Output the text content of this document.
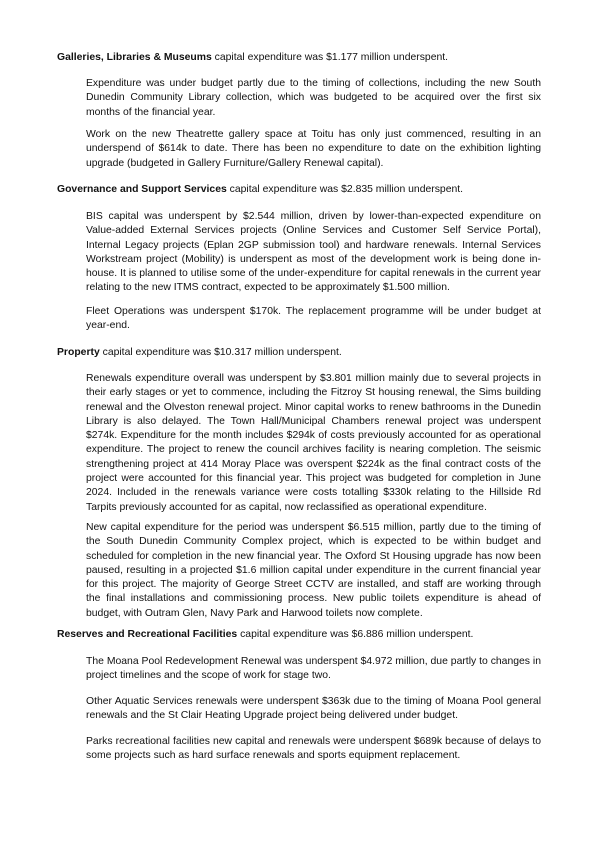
Galleries, Libraries & Museums capital expenditure was $1.177 million underspent.
Expenditure was under budget partly due to the timing of collections, including the new South Dunedin Community Library collection, which was budgeted to be acquired over the first six months of the financial year.
Work on the new Theatrette gallery space at Toitu has only just commenced, resulting in an underspend of $614k to date. There has been no expenditure to date on the exhibition lighting upgrade (budgeted in Gallery Furniture/Gallery Renewal capital).
Governance and Support Services capital expenditure was $2.835 million underspent.
BIS capital was underspent by $2.544 million, driven by lower-than-expected expenditure on Value-added External Services projects (Online Services and Customer Self Service Portal), Internal Legacy projects (Eplan 2GP submission tool) and hardware renewals. Internal Services Workstream project (Mobility) is underspent as most of the development work is being done in-house. It is planned to utilise some of the under-expenditure for capital renewals in the current year relating to the new ITMS contract, expected to be approximately $1.500 million.
Fleet Operations was underspent $170k. The replacement programme will be under budget at year-end.
Property capital expenditure was $10.317 million underspent.
Renewals expenditure overall was underspent by $3.801 million mainly due to several projects in their early stages or yet to commence, including the Fitzroy St housing renewal, the Sims building renewal and the Olveston renewal project. Minor capital works to renew bathrooms in the Dunedin Library is also delayed. The Town Hall/Municipal Chambers renewal project was underspent $274k. Expenditure for the month includes $294k of costs previously accounted for as operational expenditure. The project to renew the council archives facility is nearing completion. The seismic strengthening project at 414 Moray Place was overspent $224k as the final contract costs of the project were accounted for this financial year. This project was budgeted for completion in June 2024. Included in the renewals variance were costs totalling $330k relating to the Hillside Rd Tarpits previously accounted for as capital, now reclassified as operational expenditure.
New capital expenditure for the period was underspent $6.515 million, partly due to the timing of the South Dunedin Community Complex project, which is expected to be within budget and scheduled for completion in the new financial year. The Oxford St Housing upgrade has now been paused, resulting in a projected $1.6 million capital under expenditure in the current financial year for this project. The majority of George Street CCTV are installed, and staff are working through the final installations and commissioning process. New public toilets expenditure is ahead of budget, with Outram Glen, Navy Park and Harwood toilets now complete.
Reserves and Recreational Facilities capital expenditure was $6.886 million underspent.
The Moana Pool Redevelopment Renewal was underspent $4.972 million, due partly to changes in project timelines and the scope of work for stage two.
Other Aquatic Services renewals were underspent $363k due to the timing of Moana Pool general renewals and the St Clair Heating Upgrade project being delivered under budget.
Parks recreational facilities new capital and renewals were underspent $689k because of delays to some projects such as hard surface renewals and sports equipment replacement.
